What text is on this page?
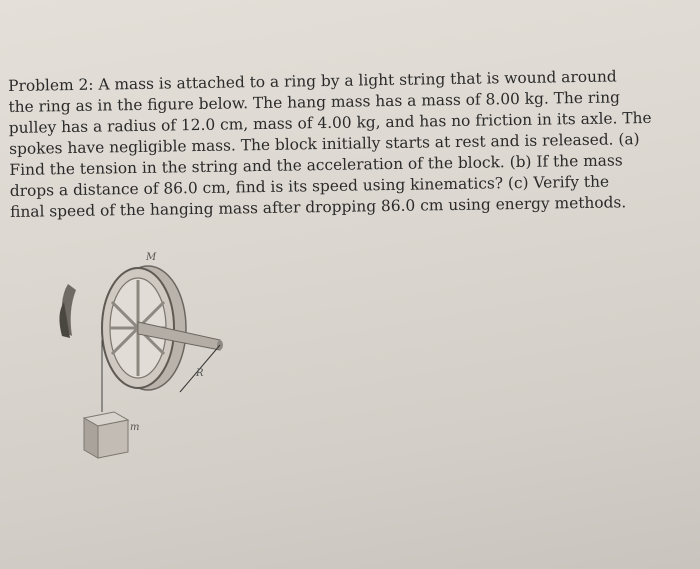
Problem 2: A mass is attached to a ring by a light string that is wound around
the ring as in the figure below. The hang mass has a mass of 8.00 kg. The ring
pulley has a radius of 12.0 cm, mass of 4.00 kg, and has no friction in its axle. The
spokes have negligible mass. The block initially starts at rest and is released. (a)
Find the tension in the string and the acceleration of the block. (b) If the mass
drops a distance of 86.0 cm, find is its speed using kinematics? (c) Verify the
final speed of the hanging mass after dropping 86.0 cm using energy methods.
M
R
m
